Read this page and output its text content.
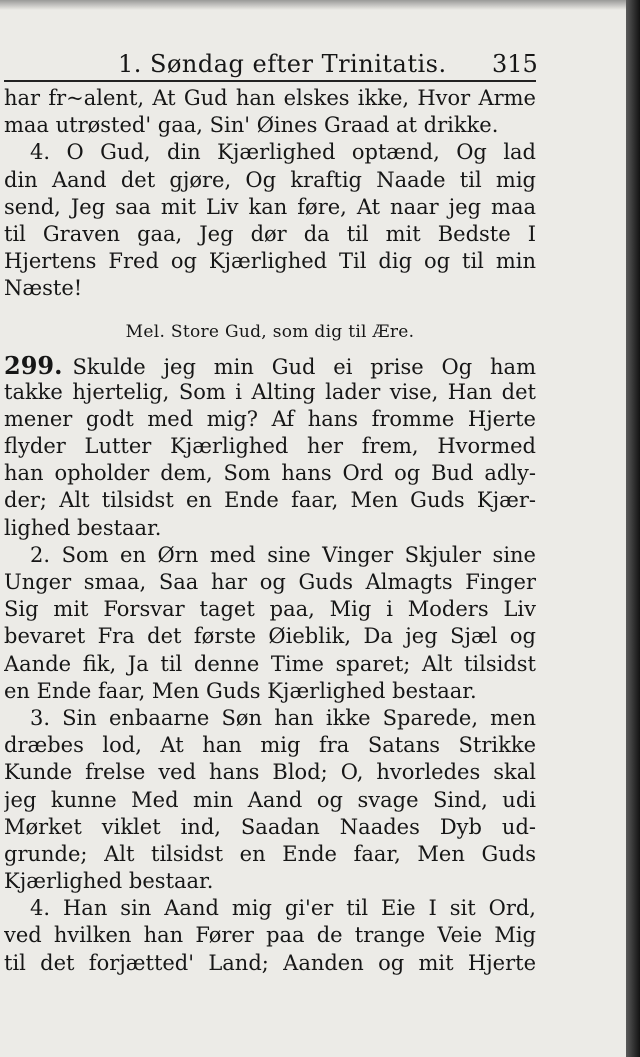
1. Søndag efter Trinitatis. 315
har fr~alent, At Gud han elskes ikke, Hvor Arme
maa utrøsted' gaa, Sin' Øines Graad at drikke.
4. O Gud, din Kjærlighed optænd, Og lad
din Aand det gjøre, Og kraftig Naade til mig
send, Jeg saa mit Liv kan føre, At naar jeg maa
til Graven gaa, Jeg dør da til mit Bedste I
Hjertens Fred og Kjærlighed Til dig og til min
Næste!
Mel. Store Gud, som dig til Ære.
299. Skulde jeg min Gud ei prise Og ham
takke hjertelig, Som i Alting lader vise, Han det
mener godt med mig? Af hans fromme Hjerte
flyder Lutter Kjærlighed her frem, Hvormed
han opholder dem, Som hans Ord og Bud adly-
der; Alt tilsidst en Ende faar, Men Guds Kjær-
lighed bestaar.
2. Som en Ørn med sine Vinger Skjuler sine
Unger smaa, Saa har og Guds Almagts Finger
Sig mit Forsvar taget paa, Mig i Moders Liv
bevaret Fra det første Øieblik, Da jeg Sjæl og
Aande fik, Ja til denne Time sparet; Alt tilsidst
en Ende faar, Men Guds Kjærlighed bestaar.
3. Sin enbaarne Søn han ikke Sparede, men
dræbes lod, At han mig fra Satans Strikke
Kunde frelse ved hans Blod; O, hvorledes skal
jeg kunne Med min Aand og svage Sind, udi
Mørket viklet ind, Saadan Naades Dyb ud-
grunde; Alt tilsidst en Ende faar, Men Guds
Kjærlighed bestaar.
4. Han sin Aand mig gi'er til Eie I sit Ord,
ved hvilken han Fører paa de trange Veie Mig
til det forjætted' Land; Aanden og mit Hjerte
